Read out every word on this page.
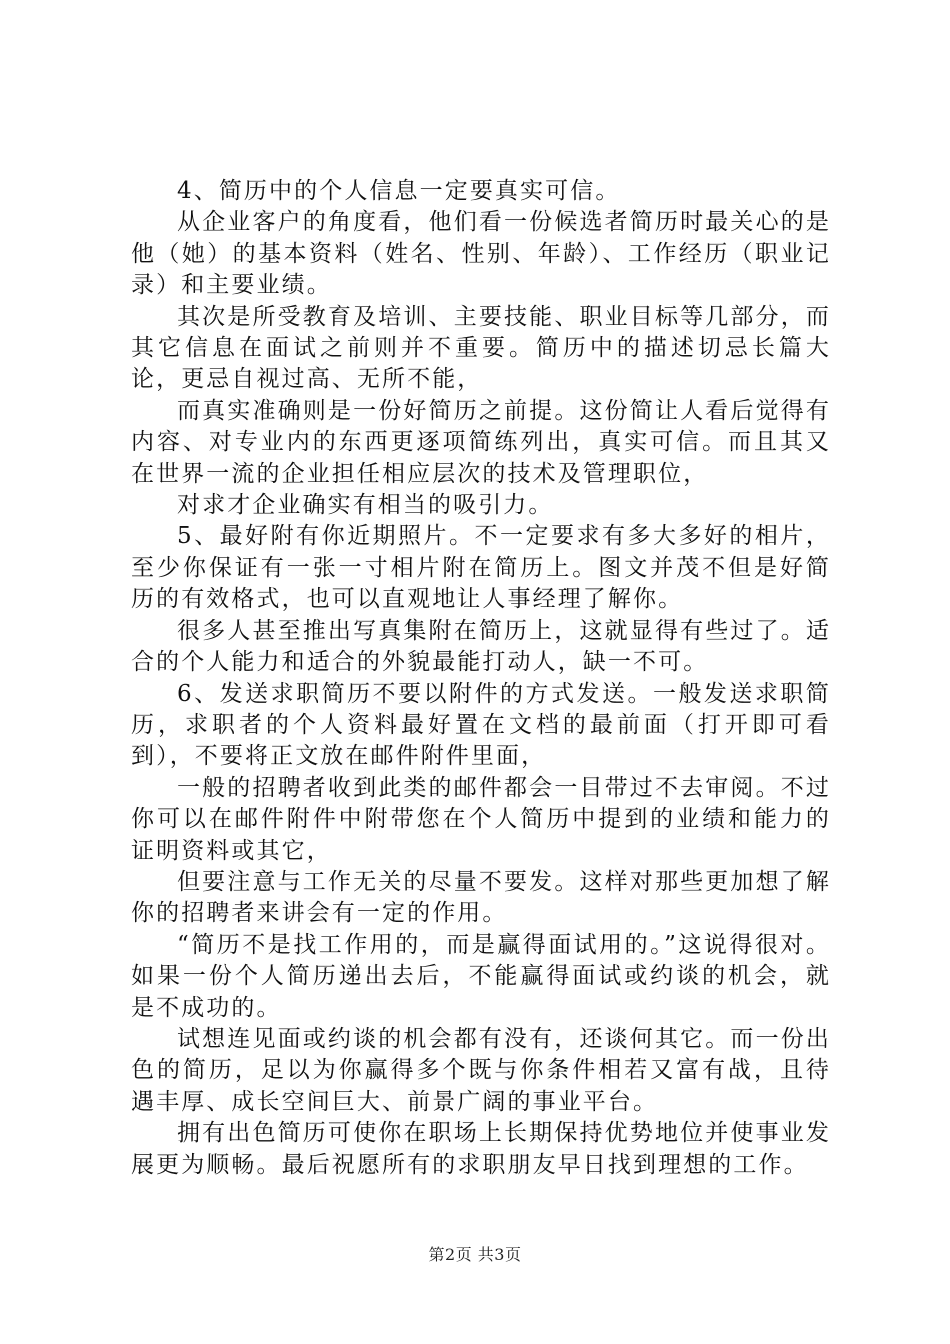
4、简历中的个人信息一定要真实可信。

从企业客户的角度看，他们看一份候选者简历时最关心的是他（她）的基本资料（姓名、性别、年龄）、工作经历（职业记录）和主要业绩。

其次是所受教育及培训、主要技能、职业目标等几部分，而其它信息在面试之前则并不重要。简历中的描述切忌长篇大论，更忌自视过高、无所不能，

而真实准确则是一份好简历之前提。这份简让人看后觉得有内容、对专业内的东西更逐项简练列出，真实可信。而且其又在世界一流的企业担任相应层次的技术及管理职位，

对求才企业确实有相当的吸引力。

5、最好附有你近期照片。不一定要求有多大多好的相片，至少你保证有一张一寸相片附在简历上。图文并茂不但是好简历的有效格式，也可以直观地让人事经理了解你。

很多人甚至推出写真集附在简历上，这就显得有些过了。适合的个人能力和适合的外貌最能打动人，缺一不可。

6、发送求职简历不要以附件的方式发送。一般发送求职简历，求职者的个人资料最好置在文档的最前面（打开即可看到），不要将正文放在邮件附件里面，

一般的招聘者收到此类的邮件都会一目带过不去审阅。不过你可以在邮件附件中附带您在个人简历中提到的业绩和能力的证明资料或其它，

但要注意与工作无关的尽量不要发。这样对那些更加想了解你的招聘者来讲会有一定的作用。

“简历不是找工作用的，而是赢得面试用的。”这说得很对。如果一份个人简历递出去后，不能赢得面试或约谈的机会，就是不成功的。

试想连见面或约谈的机会都有没有，还谈何其它。而一份出色的简历，足以为你赢得多个既与你条件相若又富有战，且待遇丰厚、成长空间巨大、前景广阔的事业平台。

拥有出色简历可使你在职场上长期保持优势地位并使事业发展更为顺畅。最后祝愿所有的求职朋友早日找到理想的工作。

第2页 共3页
